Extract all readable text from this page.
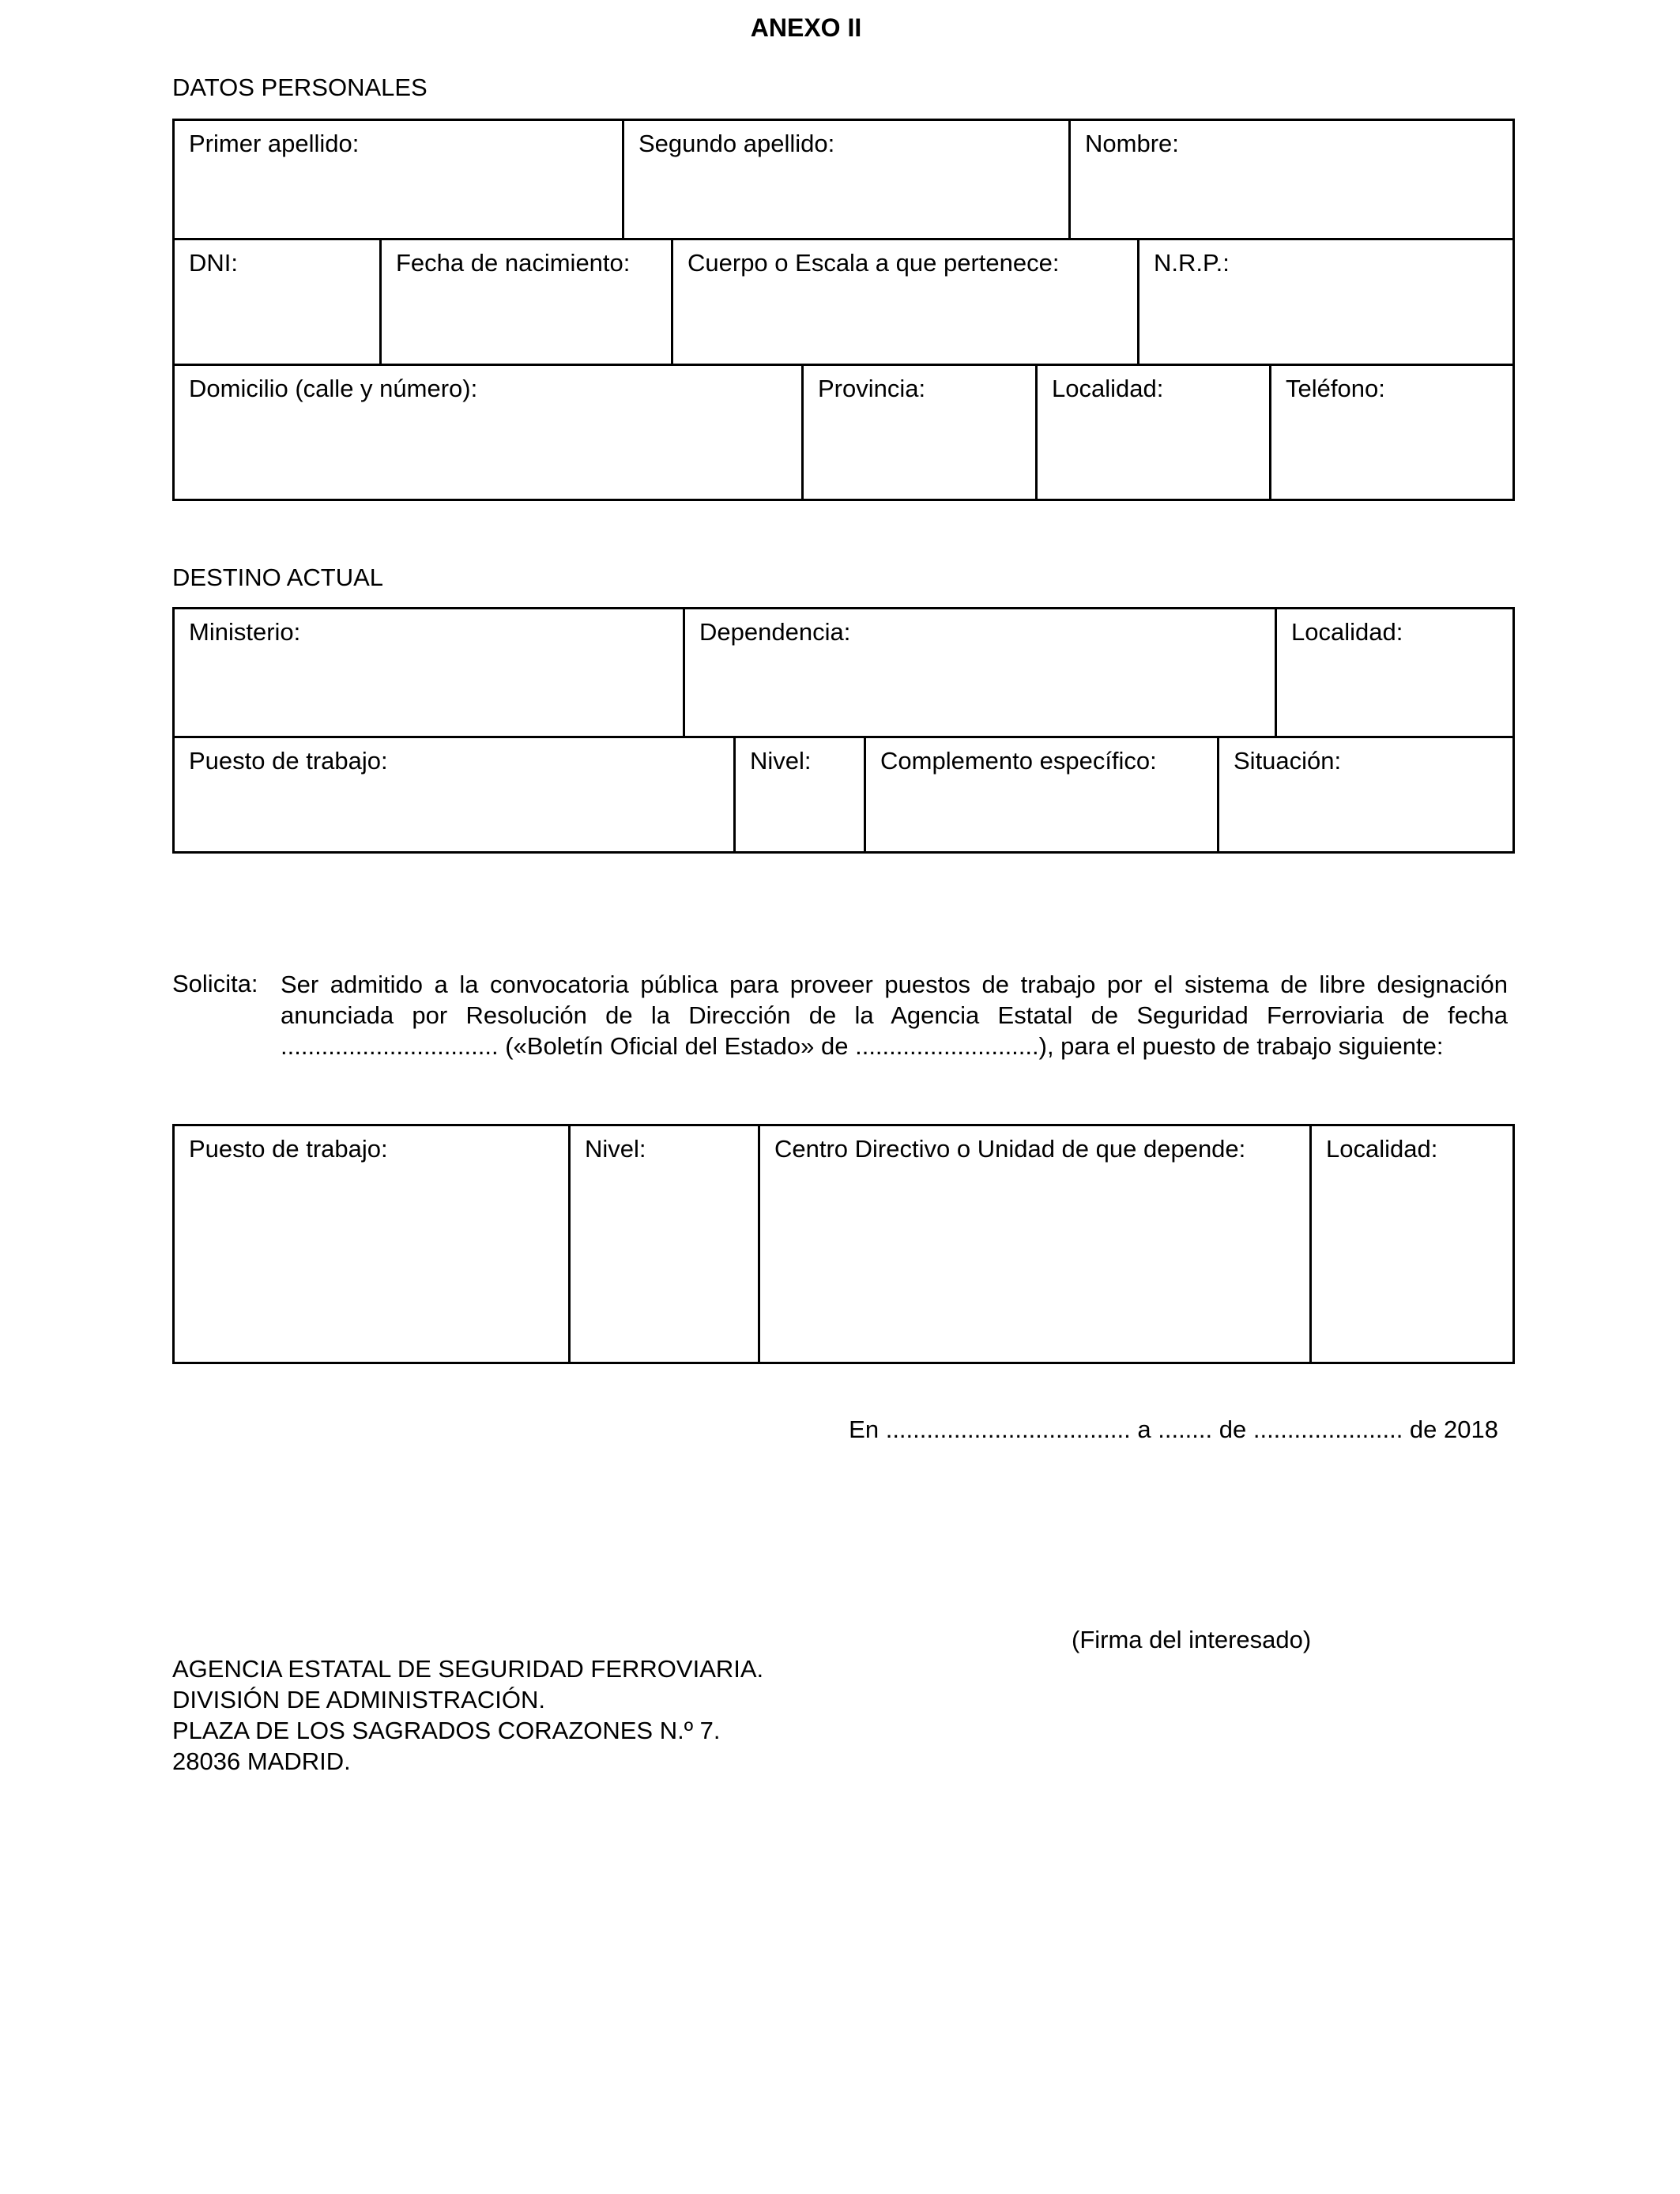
ANEXO II
DATOS PERSONALES
Primer apellido:	Segundo apellido:	Nombre:
DNI:	Fecha de nacimiento:	Cuerpo o Escala a que pertenece:	N.R.P.:
Domicilio (calle y número):	Provincia:	Localidad:	Teléfono:
DESTINO ACTUAL
Ministerio:	Dependencia:	Localidad:
Puesto de trabajo:	Nivel:	Complemento específico:	Situación:
Solicita: Ser admitido a la convocatoria pública para proveer puestos de trabajo por el sistema de libre designación anunciada por Resolución de la Dirección de la Agencia Estatal de Seguridad Ferroviaria de fecha ................................ («Boletín Oficial del Estado» de ...........................), para el puesto de trabajo siguiente:
Puesto de trabajo:	Nivel:	Centro Directivo o Unidad de que depende:	Localidad:
En .................................... a ........ de ...................... de 2018
(Firma del interesado)
AGENCIA ESTATAL DE SEGURIDAD FERROVIARIA.
DIVISIÓN DE ADMINISTRACIÓN.
PLAZA DE LOS SAGRADOS CORAZONES N.º 7.
28036 MADRID.
